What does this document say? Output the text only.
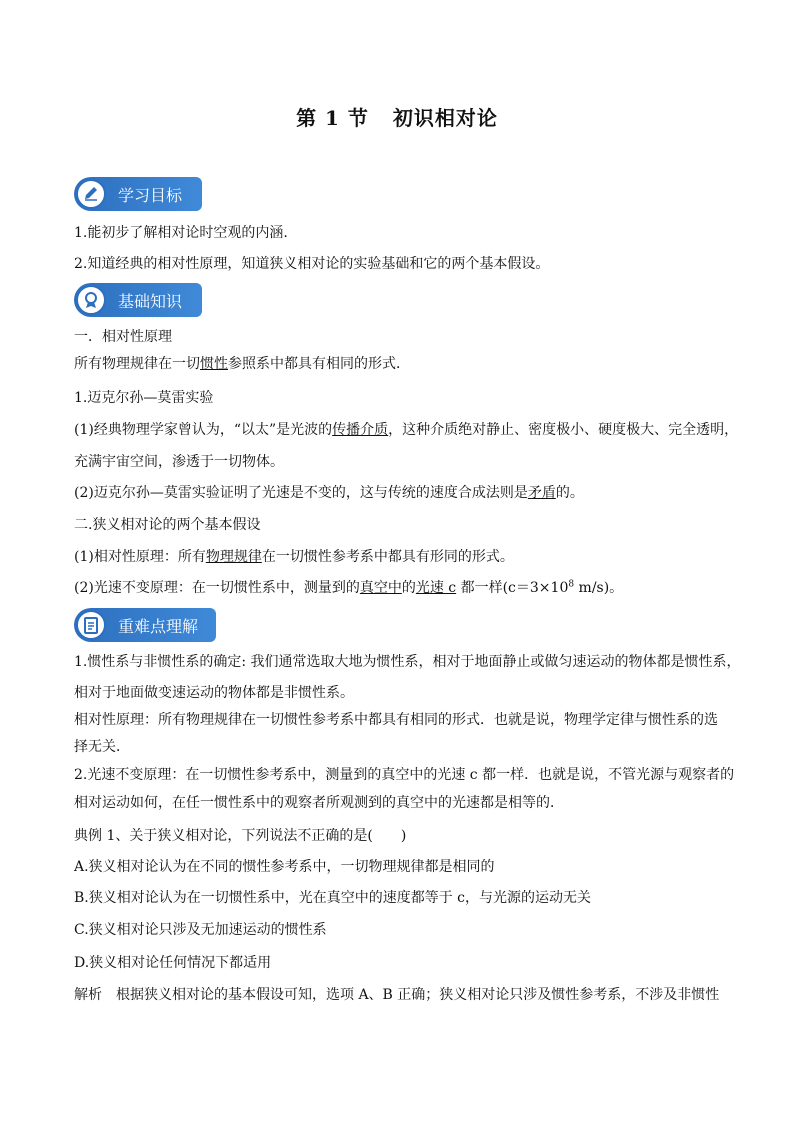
第 1 节 初识相对论
学习目标
1.能初步了解相对论时空观的内涵.
2.知道经典的相对性原理，知道狭义相对论的实验基础和它的两个基本假设。
基础知识
一．相对性原理
所有物理规律在一切惯性参照系中都具有相同的形式．
1.迈克尔孙—莫雷实验
(1)经典物理学家曾认为，“以太”是光波的传播介质，这种介质绝对静止、密度极小、硬度极大、完全透明，
充满宇宙空间，渗透于一切物体。
(2)迈克尔孙—莫雷实验证明了光速是不变的，这与传统的速度合成法则是矛盾的。
二.狭义相对论的两个基本假设
(1)相对性原理：所有物理规律在一切惯性参考系中都具有形同的形式。
(2)光速不变原理：在一切惯性系中，测量到的真空中的光速 c 都一样($c=3\times 10^8$ m/s)。
重难点理解
1.惯性系与非惯性系的确定: 我们通常选取大地为惯性系，相对于地面静止或做匀速运动的物体都是惯性系，
相对于地面做变速运动的物体都是非惯性系。
相对性原理：所有物理规律在一切惯性参考系中都具有相同的形式．也就是说，物理学定律与惯性系的选
择无关．
2.光速不变原理：在一切惯性参考系中，测量到的真空中的光速 c 都一样．也就是说，不管光源与观察者的
相对运动如何，在任一惯性系中的观察者所观测到的真空中的光速都是相等的．
典例 1、关于狭义相对论，下列说法不正确的是(　　)
A.狭义相对论认为在不同的惯性参考系中，一切物理规律都是相同的
B.狭义相对论认为在一切惯性系中，光在真空中的速度都等于 c，与光源的运动无关
C.狭义相对论只涉及无加速运动的惯性系
D.狭义相对论任何情况下都适用
解析　根据狭义相对论的基本假设可知，选项 A、B 正确；狭义相对论只涉及惯性参考系，不涉及非惯性
